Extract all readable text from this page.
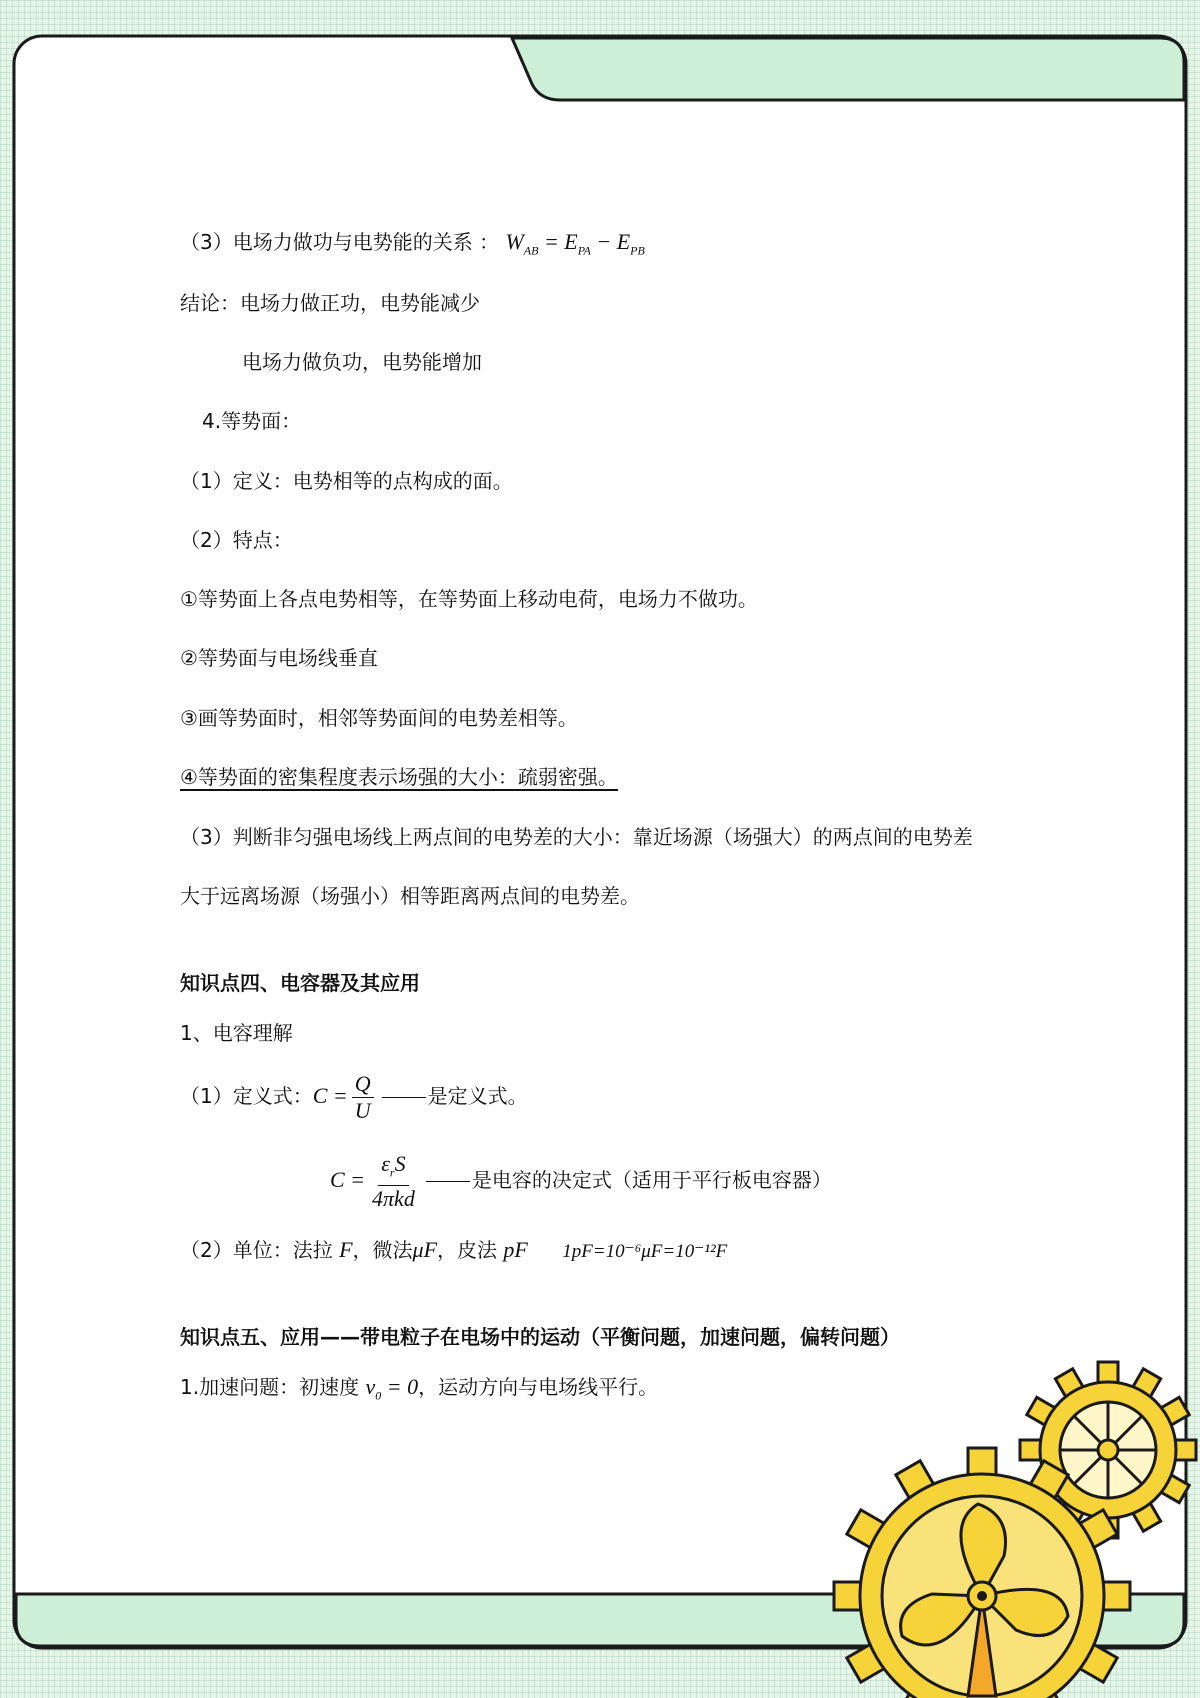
（3）电场力做功与电势能的关系 ： $W_{AB} = E_{PA} - E_{PB}$
结论：电场力做正功，电势能减少
电场力做负功，电势能增加
4.等势面：
（1）定义：电势相等的点构成的面。
（2）特点：
①等势面上各点电势相等，在等势面上移动电荷，电场力不做功。
②等势面与电场线垂直
③画等势面时，相邻等势面间的电势差相等。
④等势面的密集程度表示场强的大小：疏弱密强。
（3）判断非匀强电场线上两点间的电势差的大小：靠近场源（场强大）的两点间的电势差
大于远离场源（场强小）相等距离两点间的电势差。
知识点四、电容器及其应用
1、电容理解
（1）定义式：$C = \frac{Q}{U}$	是定义式。
$C = \frac{\varepsilon_rS}{\text{4πkd}}$	是电容的决定式（适用于平行板电容器）
（2）单位：法拉 F，微法μF，皮法 pF 1pF=10⁻⁶μF=10⁻¹²F
知识点五、应用——带电粒子在电场中的运动（平衡问题，加速问题，偏转问题）
1.加速问题：初速度 $v_0 = 0$，运动方向与电场线平行。
